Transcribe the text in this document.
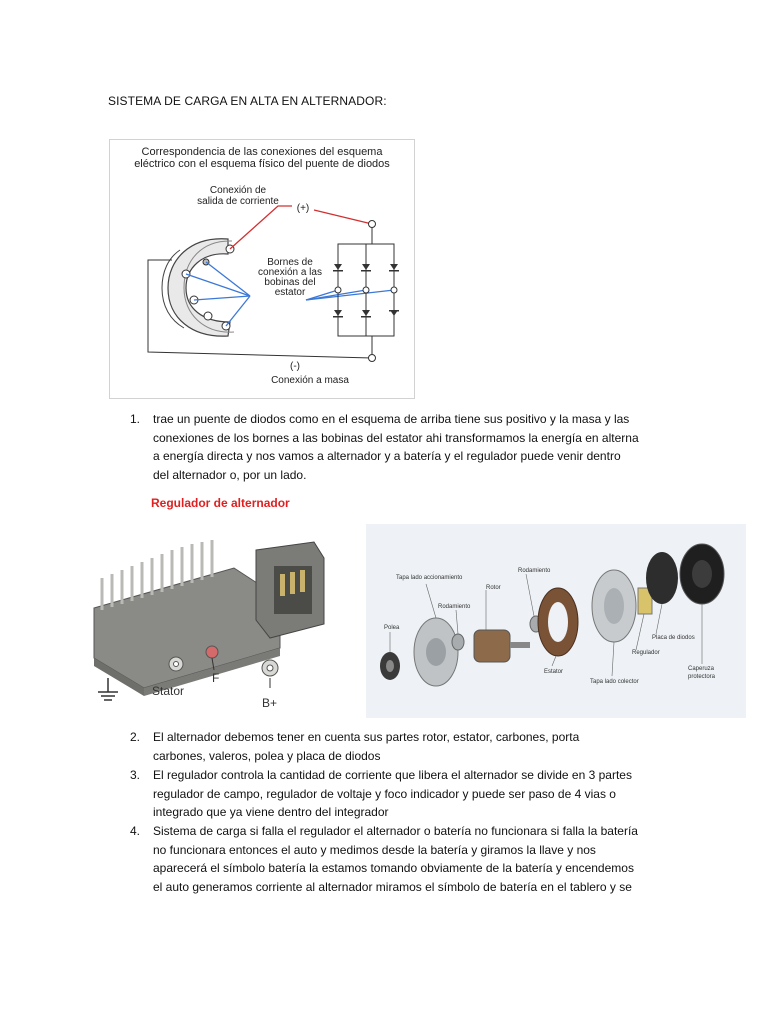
SISTEMA DE CARGA EN ALTA EN ALTERNADOR:
Correspondencia de las conexiones del esquema
eléctrico con el esquema físico del puente de diodos
Conexión de
salida de corriente
(+)
Bornes de
conexión a las
bobinas del
estator
(-)
Conexión a masa
1.	trae un puente de diodos como en el esquema de arriba tiene sus positivo y la masa y las
conexiones de los bornes a las bobinas del estator ahi transformamos la energía en alterna
a energía directa y nos vamos a alternador y a batería y el regulador puede venir dentro
del alternador o, por un lado.
Regulador de alternador
Stator
F
B+
Tapa lado accionamiento
Rodamiento
Rotor
Rodamiento
Polea
Estator
Tapa lado colector
Placa de diodos
Regulador
Caperuza
protectora
2.	El alternador debemos tener en cuenta sus partes rotor, estator, carbones, porta
carbones, valeros, polea y placa de diodos
3.	El regulador controla la cantidad de corriente que libera el alternador se divide en 3 partes
regulador de campo, regulador de voltaje y foco indicador y puede ser paso de 4 vias o
integrado que ya viene dentro del integrador
4.	Sistema de carga si falla el regulador el alternador o batería no funcionara si falla la batería
no funcionara entonces el auto y medimos desde la batería y giramos la llave y nos
aparecerá el símbolo batería la estamos tomando obviamente de la batería y encendemos
el auto generamos corriente al alternador miramos el símbolo de batería en el tablero y se
